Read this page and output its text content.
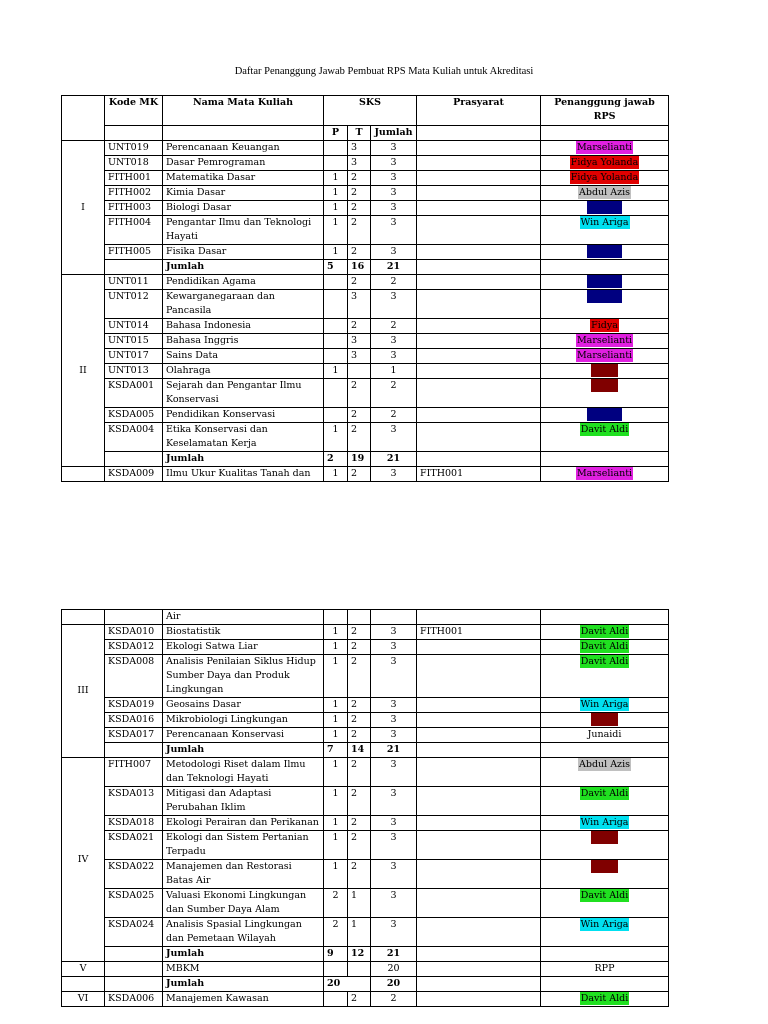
Daftar Penanggung Jawab Pembuat RPS Mata Kuliah untuk Akreditasi
	Kode MK	Nama Mata Kuliah	SKS			Prasyarat	Penanggung jawab RPS
			P	T	Jumlah		
I	UNT019	Perencanaan Keuangan		3	3		Marselianti
	UNT018	Dasar Pemrograman		3	3		Fidya Yolanda
	FITH001	Matematika Dasar	1	2	3		Fidya Yolanda
	FITH002	Kimia Dasar	1	2	3		Abdul Azis
	FITH003	Biologi Dasar	1	2	3		Jasmin
	FITH004	Pengantar Ilmu dan Teknologi Hayati	1	2	3		Win Ariga
	FITH005	Fisika Dasar	1	2	3		Jasmin
		Jumlah	5	16	21		
II	UNT011	Pendidikan Agama		2	2		Jasmin
	UNT012	Kewarganegaraan dan Pancasila		3	3		Jasmin
	UNT014	Bahasa Indonesia		2	2		Fidya
	UNT015	Bahasa Inggris		3	3		Marselianti
	UNT017	Sains Data		3	3		Marselianti
	UNT013	Olahraga	1		1		Galih
	KSDA001	Sejarah dan Pengantar Ilmu Konservasi		2	2		Galih
	KSDA005	Pendidikan Konservasi		2	2		Jasmin
	KSDA004	Etika Konservasi dan Keselamatan Kerja	1	2	3		Davit Aldi
		Jumlah	2	19	21		
	KSDA009	Ilmu Ukur Kualitas Tanah dan	1	2	3	FITH001	Marselianti
		Air					
III	KSDA010	Biostatistik	1	2	3	FITH001	Davit Aldi
	KSDA012	Ekologi Satwa Liar	1	2	3		Davit Aldi
	KSDA008	Analisis Penilaian Siklus Hidup Sumber Daya dan Produk Lingkungan	1	2	3		Davit Aldi
	KSDA019	Geosains Dasar	1	2	3		Win Ariga
	KSDA016	Mikrobiologi Lingkungan	1	2	3		Galih
	KSDA017	Perencanaan Konservasi	1	2	3		Junaidi
		Jumlah	7	14	21		
IV	FITH007	Metodologi Riset dalam Ilmu dan Teknologi Hayati	1	2	3		Abdul Azis
	KSDA013	Mitigasi dan Adaptasi Perubahan Iklim	1	2	3		Davit Aldi
	KSDA018	Ekologi Perairan dan Perikanan	1	2	3		Win Ariga
	KSDA021	Ekologi dan Sistem Pertanian Terpadu	1	2	3		Galih
	KSDA022	Manajemen dan Restorasi Batas Air	1	2	3		Galih
	KSDA025	Valuasi Ekonomi Lingkungan dan Sumber Daya Alam	2	1	3		Davit Aldi
	KSDA024	Analisis Spasial Lingkungan dan Pemetaan Wilayah	2	1	3		Win Ariga
		Jumlah	9	12	21		
V		MBKM			20		RPP
		Jumlah	20		20		
VI	KSDA006	Manajemen Kawasan		2	2		Davit Aldi
